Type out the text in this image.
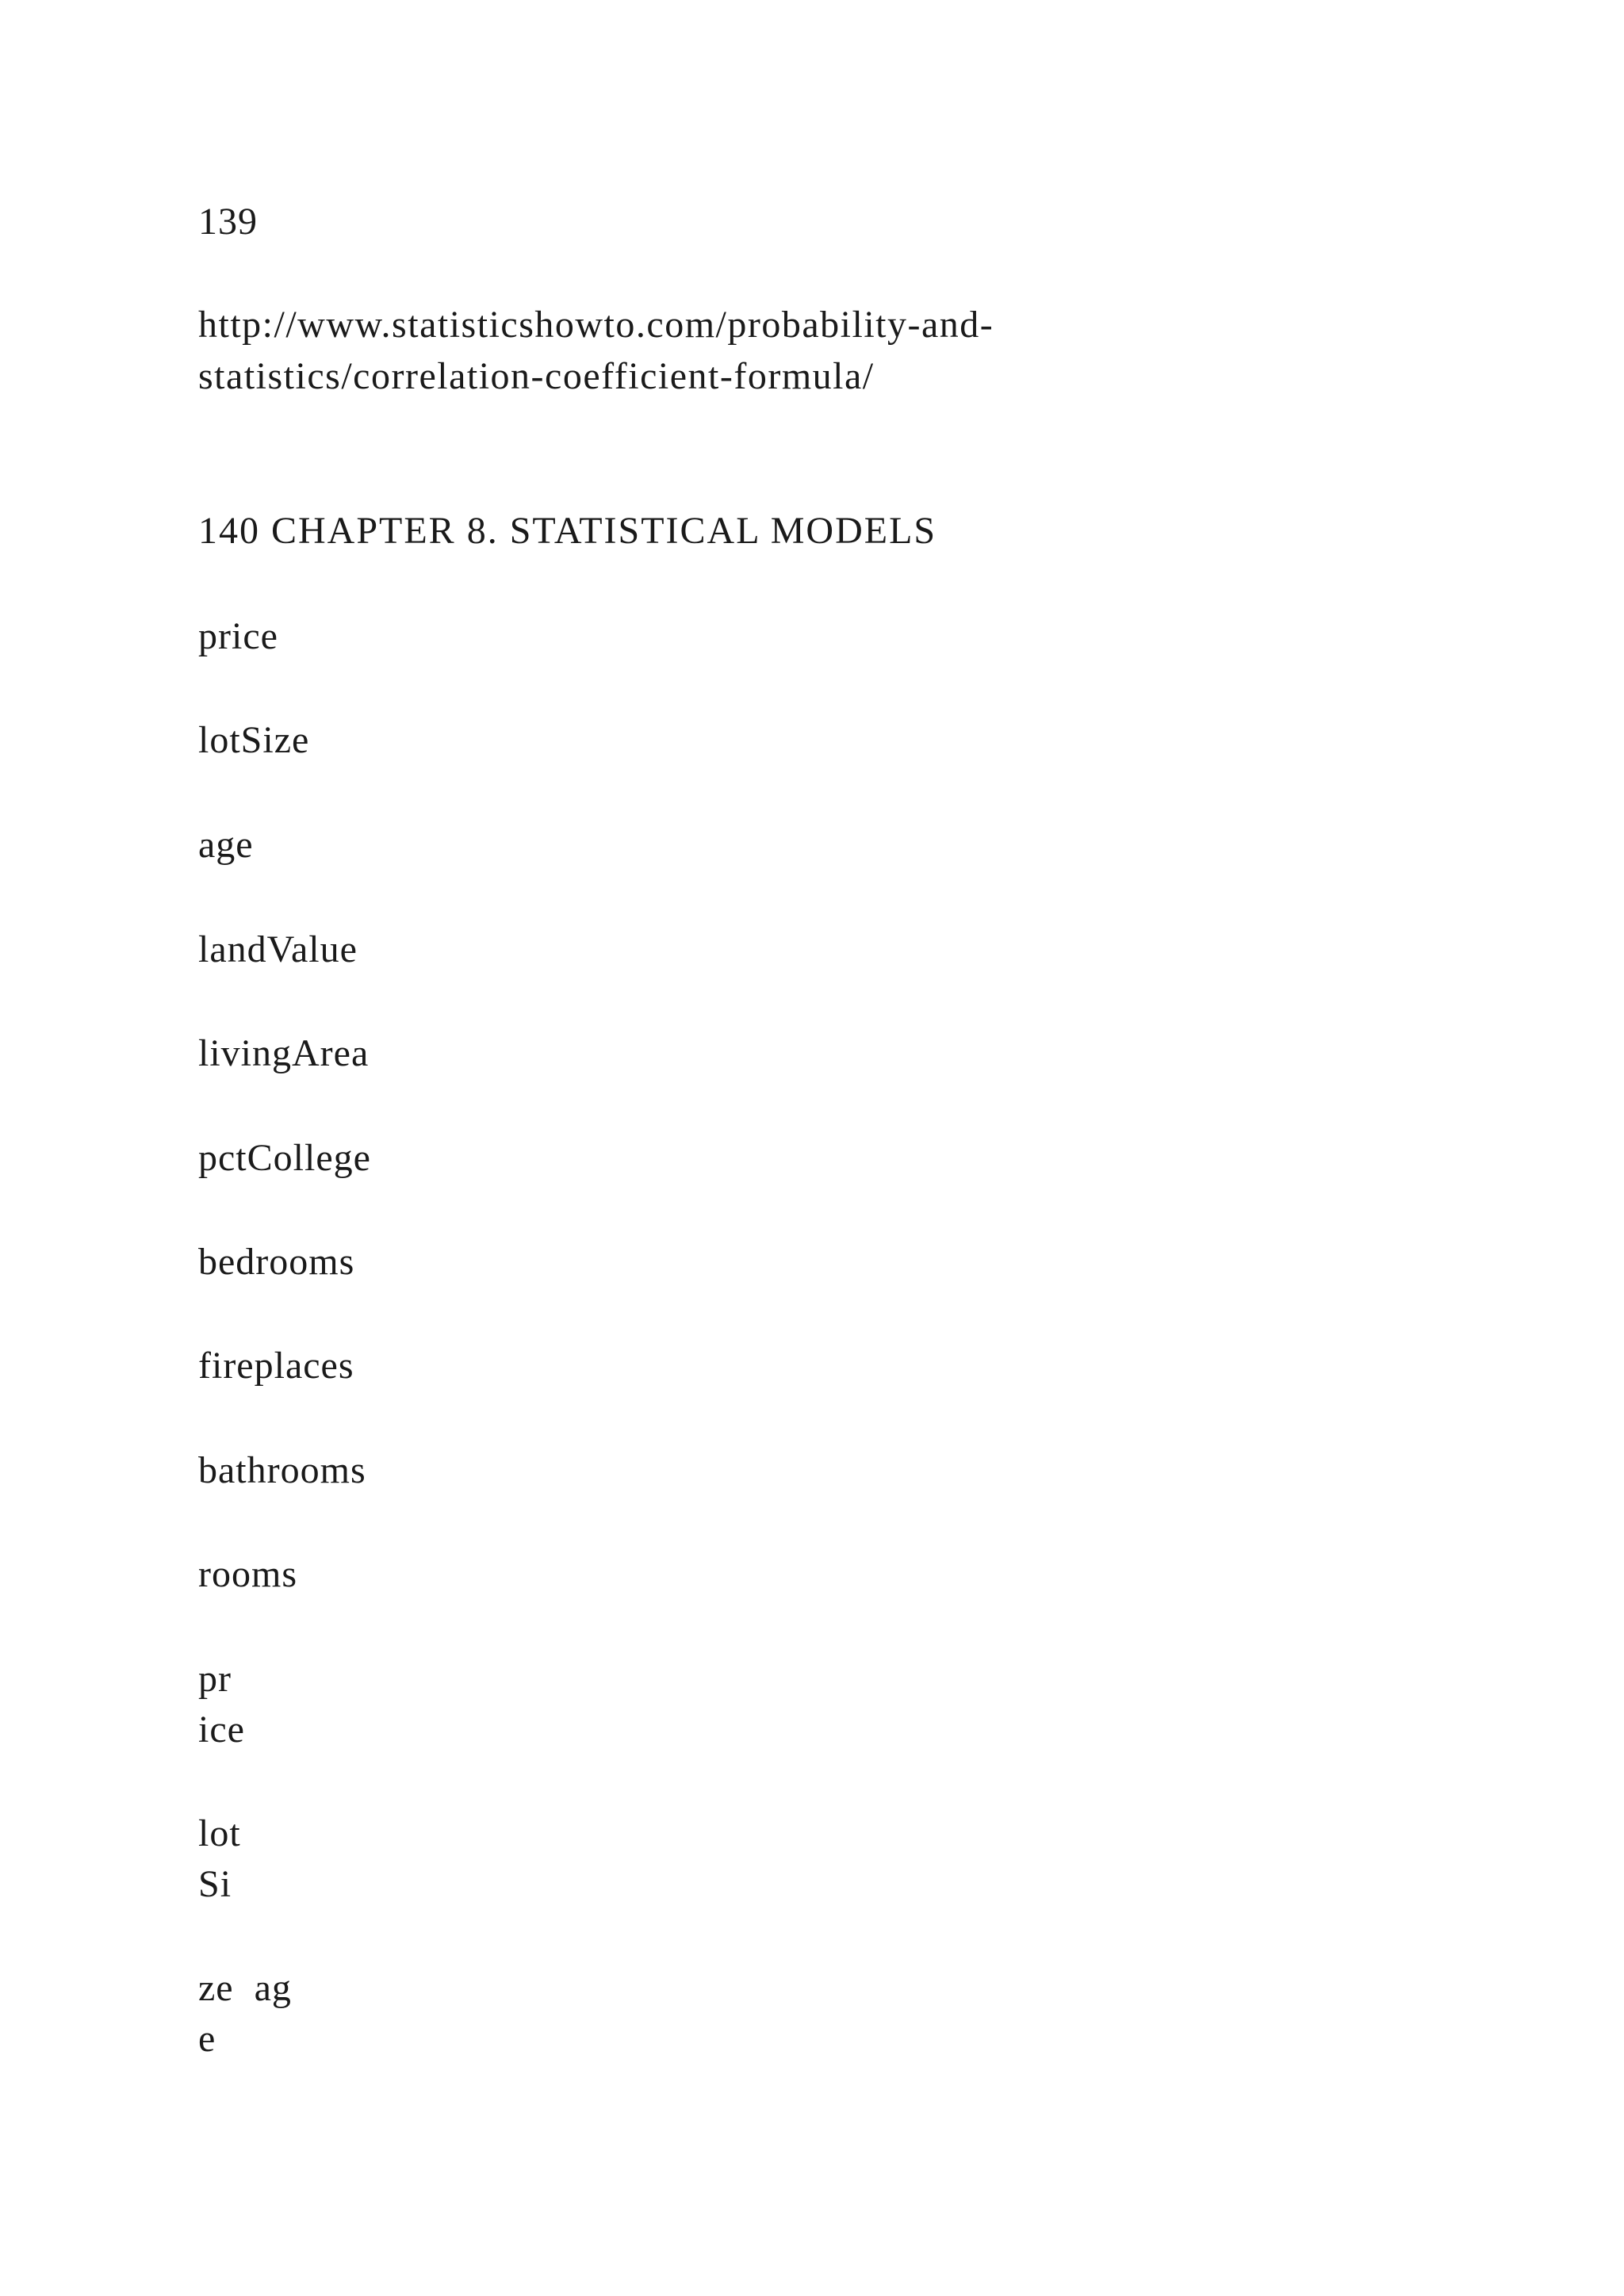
139
http://www.statisticshowto.com/probability-and-
statistics/correlation-coefficient-formula/
140 CHAPTER 8. STATISTICAL MODELS
price
lotSize
age
landValue
livingArea
pctCollege
bedrooms
fireplaces
bathrooms
rooms
pr
ice
lot
Si
ze  ag
e
